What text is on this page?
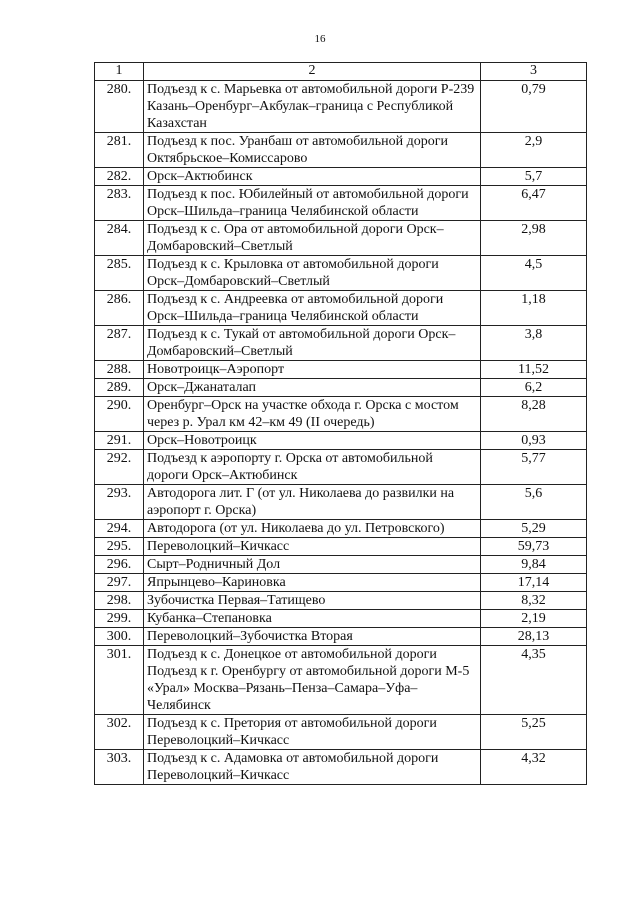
16
1	2	3
280.	Подъезд к с. Марьевка от автомобильной дороги Р-239 Казань–Оренбург–Акбулак–граница с Республикой Казахстан	0,79
281.	Подъезд к пос. Уранбаш от автомобильной дороги Октябрьское–Комиссарово	2,9
282.	Орск–Актюбинск	5,7
283.	Подъезд к пос. Юбилейный от автомобильной дороги Орск–Шильда–граница Челябинской области	6,47
284.	Подъезд к с. Ора от автомобильной дороги Орск–Домбаровский–Светлый	2,98
285.	Подъезд к с. Крыловка от автомобильной дороги Орск–Домбаровский–Светлый	4,5
286.	Подъезд к с. Андреевка от автомобильной дороги Орск–Шильда–граница Челябинской области	1,18
287.	Подъезд к с. Тукай от автомобильной дороги Орск–Домбаровский–Светлый	3,8
288.	Новотроицк–Аэропорт	11,52
289.	Орск–Джанаталап	6,2
290.	Оренбург–Орск на участке обхода г. Орска с мостом через р. Урал км 42–км 49 (II очередь)	8,28
291.	Орск–Новотроицк	0,93
292.	Подъезд к аэропорту г. Орска от автомобильной дороги Орск–Актюбинск	5,77
293.	Автодорога лит. Г (от ул. Николаева до развилки на аэропорт г. Орска)	5,6
294.	Автодорога (от ул. Николаева до ул. Петровского)	5,29
295.	Переволоцкий–Кичкасс	59,73
296.	Сырт–Родничный Дол	9,84
297.	Япрынцево–Кариновка	17,14
298.	Зубочистка Первая–Татищево	8,32
299.	Кубанка–Степановка	2,19
300.	Переволоцкий–Зубочистка Вторая	28,13
301.	Подъезд к с. Донецкое от автомобильной дороги Подъезд к г. Оренбургу от автомобильной дороги М-5 «Урал» Москва–Рязань–Пенза–Самара–Уфа–Челябинск	4,35
302.	Подъезд к с. Претория от автомобильной дороги Переволоцкий–Кичкасс	5,25
303.	Подъезд к с. Адамовка от автомобильной дороги Переволоцкий–Кичкасс	4,32
